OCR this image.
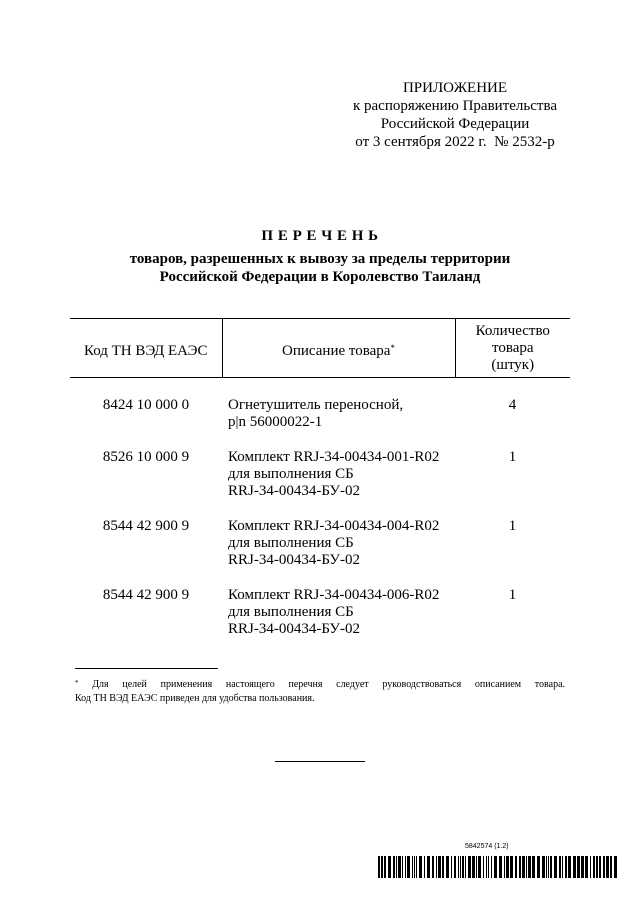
ПРИЛОЖЕНИЕ
к распоряжению Правительства
Российской Федерации
от 3 сентября 2022 г.  № 2532-р
П Е Р Е Ч Е Н Ь
товаров, разрешенных к вывозу за пределы территории
Российской Федерации в Королевство Таиланд
Код ТН ВЭД ЕАЭС	Описание товара*	Количество
товара
(штук)

8424 10 000 0	Огнетушитель переносной,
p|n 56000022-1	4
8526 10 000 9	Комплект RRJ-34-00434-001-R02
для выполнения СБ
RRJ-34-00434-БУ-02	1
8544 42 900 9	Комплект RRJ-34-00434-004-R02
для выполнения СБ
RRJ-34-00434-БУ-02	1
8544 42 900 9	Комплект RRJ-34-00434-006-R02
для выполнения СБ
RRJ-34-00434-БУ-02	1
* Для целей применения настоящего перечня следует руководствоваться описанием товара.
Код ТН ВЭД ЕАЭС приведен для удобства пользования.
5842574 (1.2)
